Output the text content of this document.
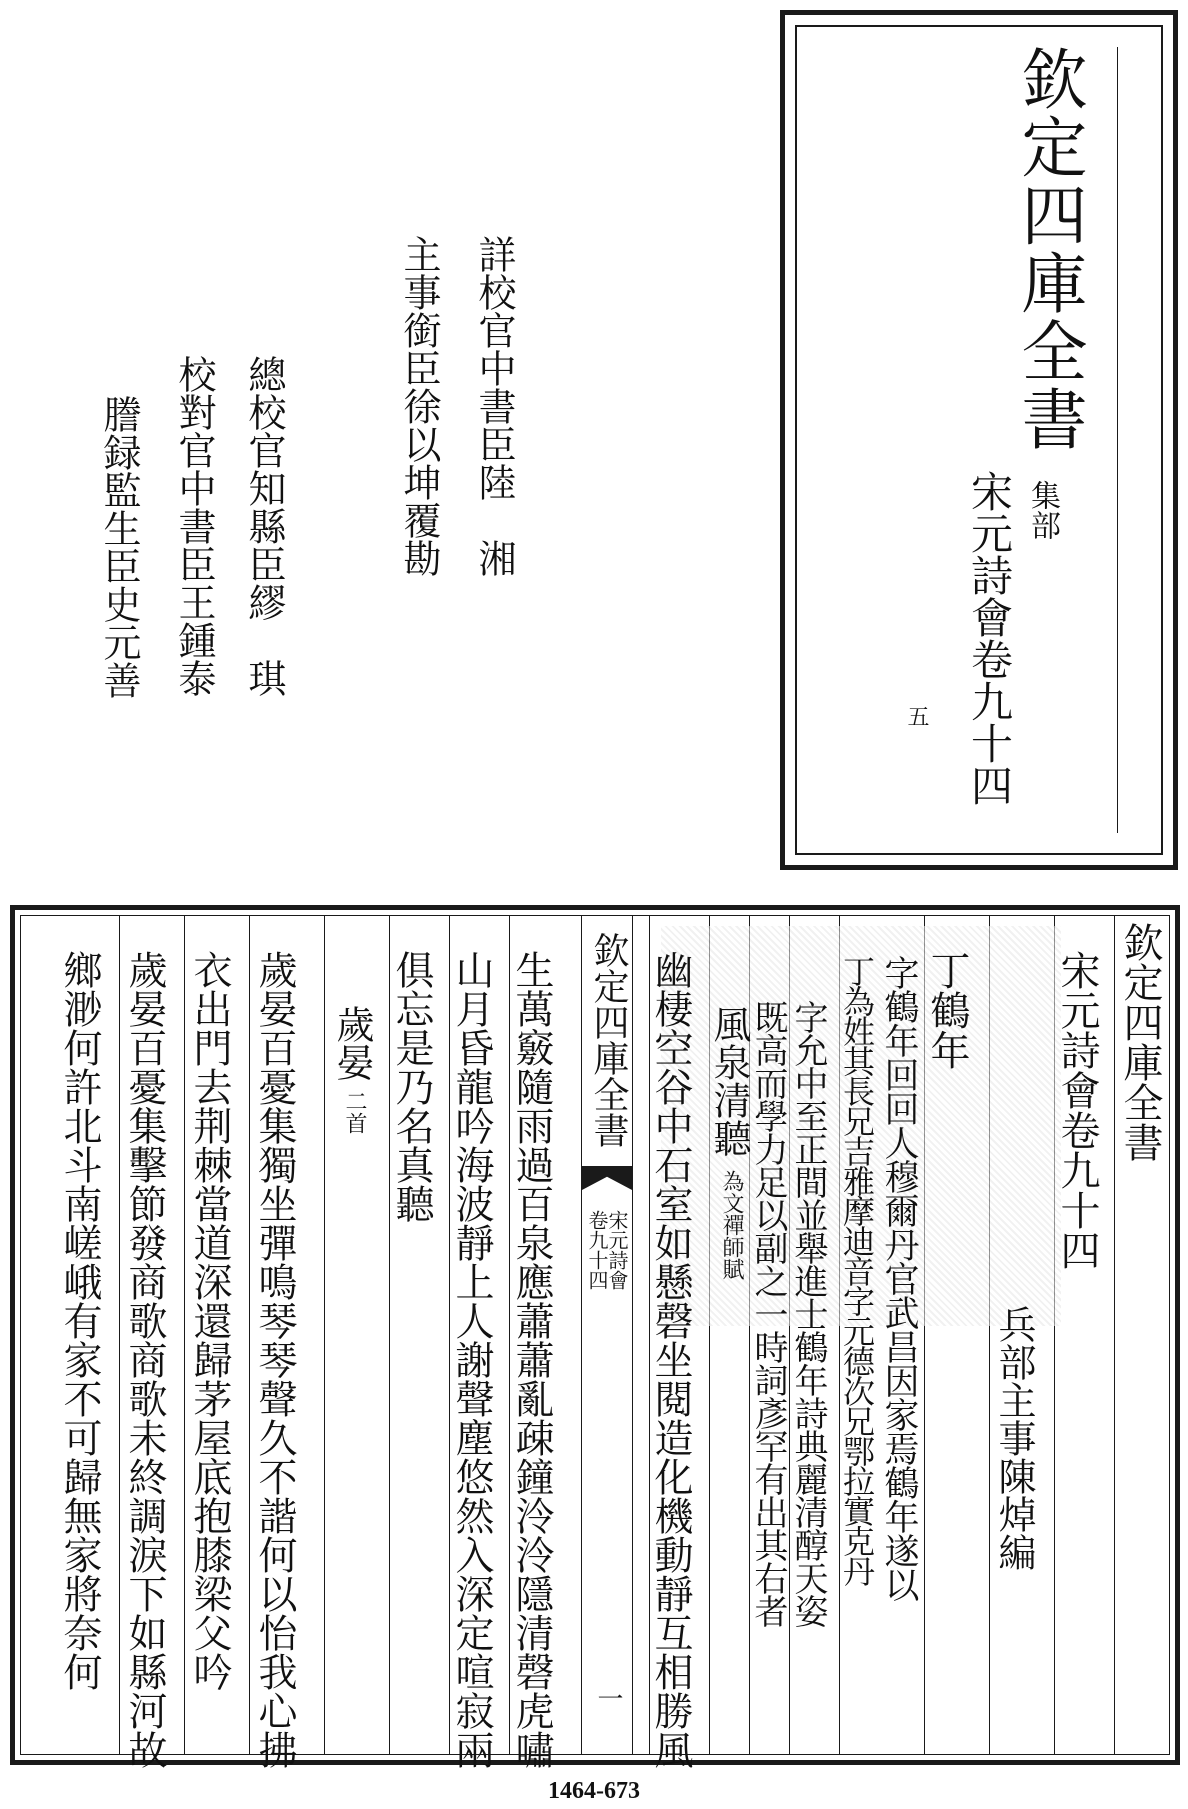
欽定四庫全書
集部
宋元詩會卷九十四
五
詳校官中書臣陸　湘
主事銜臣徐以坤覆勘
總校官知縣臣繆　琪
校對官中書臣王鍾泰
謄録監生臣史元善
欽定四庫全書
宋元詩會卷九十四
兵部主事陳焯編
丁鶴年
字鶴年回回人穆爾丹官武昌因家焉鶴年遂以
丁為姓其長兄吉雅摩迪音字元德次兄鄂拉實克丹
字允中至正間並舉進士鶴年詩典麗清醇天姿
既高而學力足以副之一時詞彥罕有出其右者
風泉清聽
為文禪師賦
幽棲空谷中石室如懸磬坐閱造化機動靜互相勝風
欽定四庫全書
宋元詩會
卷九十四
一
生萬竅隨雨過百泉應蕭蕭亂疎鐘泠泠隱清磬虎嘯
山月昏龍吟海波靜上人謝聲塵悠然入深定喧寂兩
俱忘是乃名真聽
歲晏
二首
歲晏百憂集獨坐彈鳴琴琴聲久不諧何以怡我心拂
衣出門去荆棘當道深還歸茅屋底抱膝梁父吟
歲晏百憂集擊節發商歌商歌未終調淚下如縣河故
鄉渺何許北斗南嵯峨有家不可歸無家將奈何
1464-673
